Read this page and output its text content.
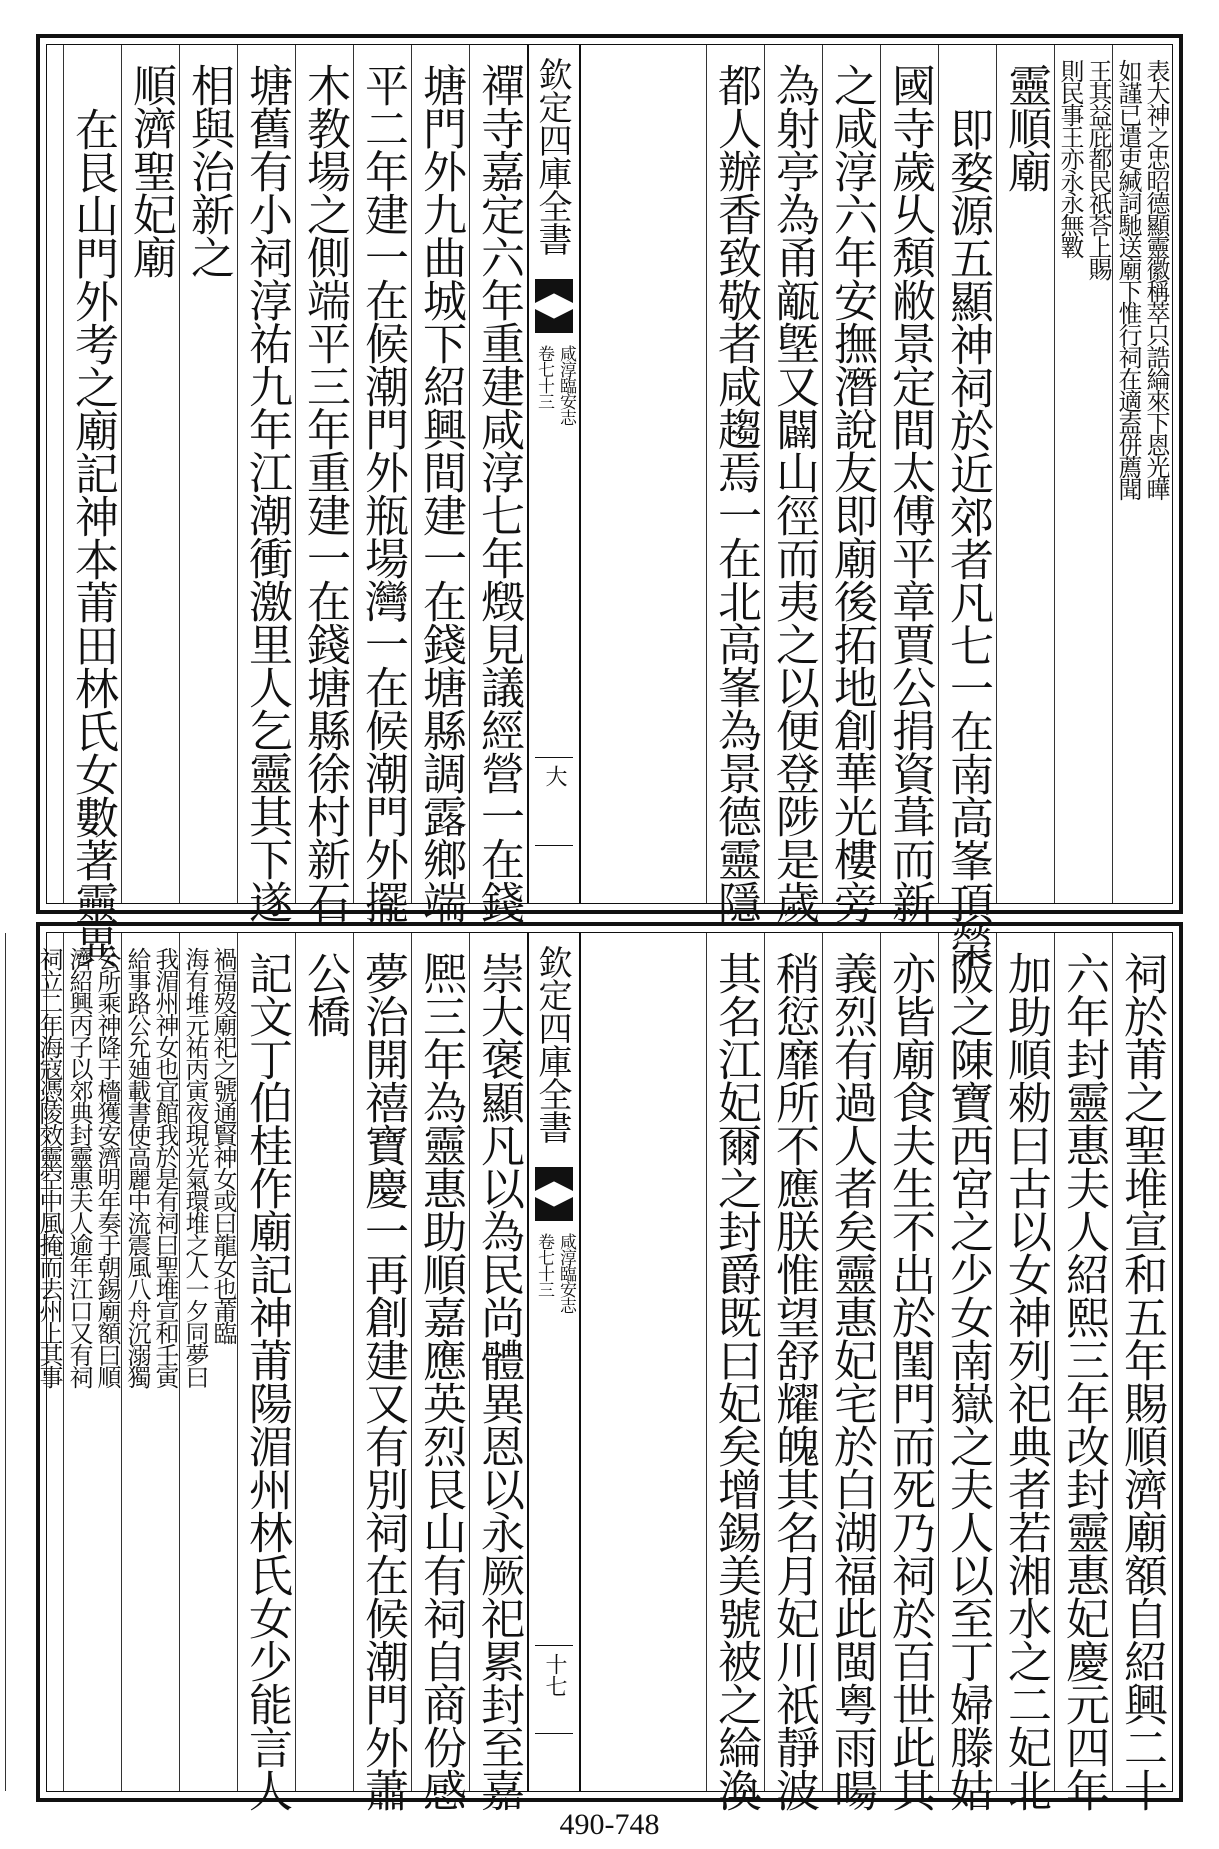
表大神之忠昭德顯靈徽稱萃只誥綸來下恩光曄
如謹已遣吏緘詞馳送廟下惟行祠在適盍併薦聞
王其益庇都民祇荅上賜
則民事王亦永永無斁
靈順廟
即婺源五顯神祠於近郊者凡七一在南高峯頂榮
國寺歲乆頽敝景定間太傅平章賈公捐資葺而新
之咸淳六年安撫潛說友即廟後拓地創華光樓旁
為射亭為甬甋墍又闢山徑而夷之以便登陟是歲
都人辦香致敬者咸趨焉一在北高峯為景德靈隱
欽定四庫全書
咸淳臨安志
卷七十三
大
禪寺嘉定六年重建咸淳七年燬見議經營一在錢
塘門外九曲城下紹興間建一在錢塘縣調露鄉端
平二年建一在候潮門外瓶場灣一在候潮門外擺
木教場之側端平三年重建一在錢塘縣徐村新石
塘舊有小祠淳祐九年江潮衝激里人乞靈其下遂
相與治新之
順濟聖妃廟
在艮山門外考之廟記神本莆田林氏女數著靈異
祠於莆之聖堆宣和五年賜順濟廟額自紹興二十
六年封靈惠夫人紹熙三年改封靈惠妃慶元四年
加助順勑曰古以女神列祀典者若湘水之二妃北
阪之陳寶西宮之少女南嶽之夫人以至丁婦滕姑
亦皆廟食夫生不出於閨門而死乃祠於百世此其
義烈有過人者矣靈惠妃宅於白湖福此閩粤雨暘
稍愆靡所不應朕惟望舒耀魄其名月妃川祇靜波
其名江妃爾之封爵既曰妃矣增錫美號被之綸渙
欽定四庫全書
咸淳臨安志
卷七十三
十七
崇大褒顯凡以為民尚體異恩以永厥祀累封至嘉
熈三年為靈惠助順嘉應英烈艮山有祠自商份感
夢治開禧寶慶一再創建又有別祠在候潮門外蕭
公橋
記文丁伯桂作廟記神莆陽湄州林氏女少能言人
禍福歿廟祀之號通賢神女或曰龍女也莆臨
海有堆元祐丙寅夜現光氣環堆之人一夕同夢曰
我湄州神女也宜館我於是有祠曰聖堆宣和壬寅
給事路公允廸載書使高麗中流震風八舟沉溺獨
公所乘神降于檣獲安濟明年奏于朝錫廟額曰順
濟紹興丙子以郊典封靈惠夫人逾年江口又有祠
祠立二年海寇憑陵效靈空中風掩而去州上其事
490-748
